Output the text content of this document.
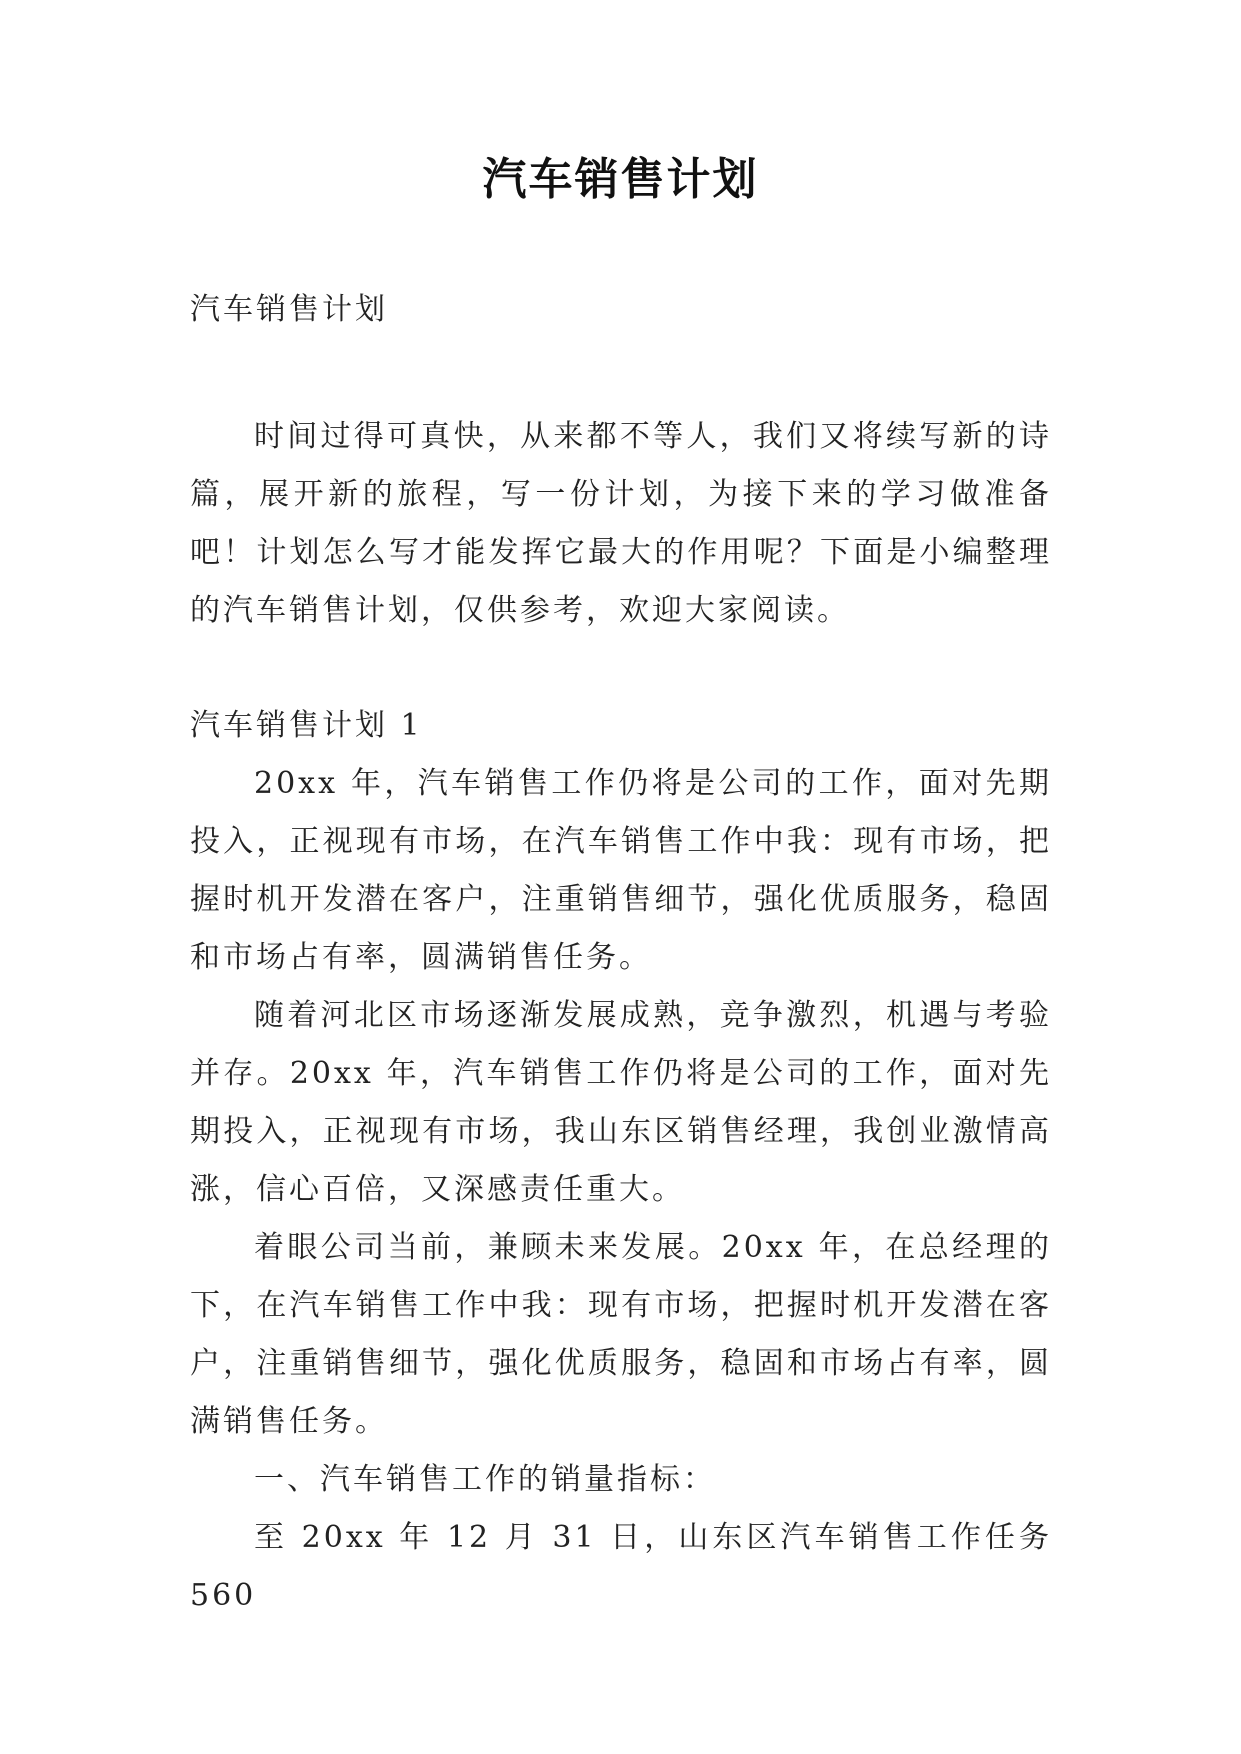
汽车销售计划
汽车销售计划

时间过得可真快，从来都不等人，我们又将续写新的诗篇，展开新的旅程，写一份计划，为接下来的学习做准备吧！计划怎么写才能发挥它最大的作用呢？下面是小编整理的汽车销售计划，仅供参考，欢迎大家阅读。

汽车销售计划 1

20xx 年，汽车销售工作仍将是公司的工作，面对先期投入，正视现有市场，在汽车销售工作中我：现有市场，把握时机开发潜在客户，注重销售细节，强化优质服务，稳固和市场占有率，圆满销售任务。

随着河北区市场逐渐发展成熟，竞争激烈，机遇与考验并存。20xx 年，汽车销售工作仍将是公司的工作，面对先期投入，正视现有市场，我山东区销售经理，我创业激情高涨，信心百倍，又深感责任重大。

着眼公司当前，兼顾未来发展。20xx 年，在总经理的下，在汽车销售工作中我：现有市场，把握时机开发潜在客户，注重销售细节，强化优质服务，稳固和市场占有率，圆满销售任务。

一、汽车销售工作的销量指标：

至 20xx 年 12 月 31 日，山东区汽车销售工作任务 560
